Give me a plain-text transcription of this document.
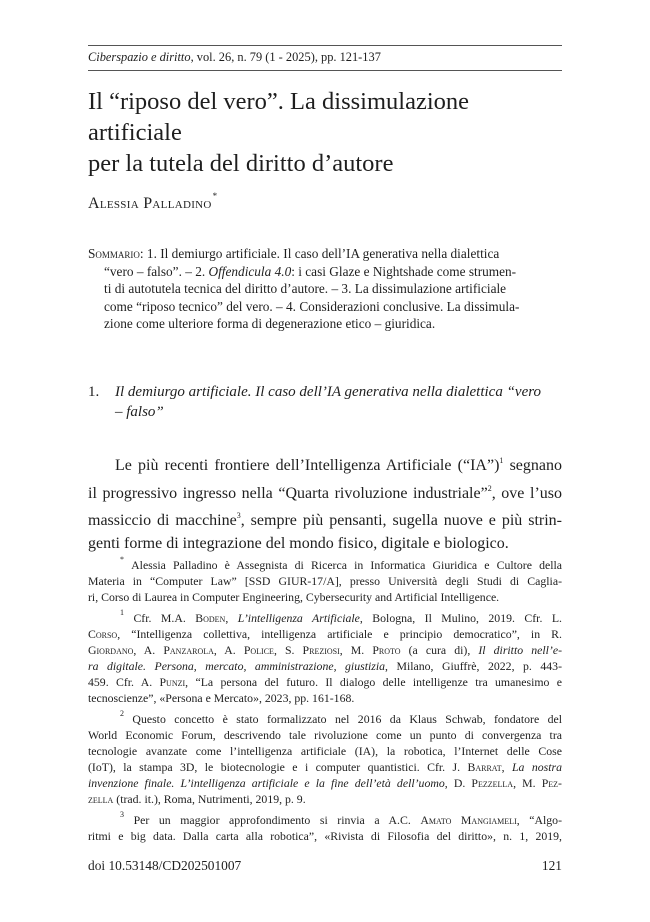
Ciberspazio e diritto, vol. 26, n. 79 (1 - 2025), pp. 121-137
Il “riposo del vero”. La dissimulazione artificiale
per la tutela del diritto d’autore
Alessia Palladino*
Sommario: 1. Il demiurgo artificiale. Il caso dell’IA generativa nella dialettica
“vero – falso”. – 2. Offendicula 4.0: i casi Glaze e Nightshade come strumen-
ti di autotutela tecnica del diritto d’autore. – 3. La dissimulazione artificiale
come “riposo tecnico” del vero. – 4. Considerazioni conclusive. La dissimula-
zione come ulteriore forma di degenerazione etico – giuridica.
1. Il demiurgo artificiale. Il caso dell’IA generativa nella dialettica “vero
– falso”
Le più recenti frontiere dell’Intelligenza Artificiale (“IA”)$^1$ segnano
il progressivo ingresso nella “Quarta rivoluzione industriale”$^2$, ove l’uso
massiccio di macchine$^3$, sempre più pensanti, sugella nuove e più strin-
genti forme di integrazione del mondo fisico, digitale e biologico.
* Alessia Palladino è Assegnista di Ricerca in Informatica Giuridica e Cultore della
Materia in “Computer Law” [SSD GIUR-17/A], presso Università degli Studi di Caglia-
ri, Corso di Laurea in Computer Engineering, Cybersecurity and Artificial Intelligence.
$^1$ Cfr. M.A. Boden, L’intelligenza Artificiale, Bologna, Il Mulino, 2019. Cfr. L.
Corso, “Intelligenza collettiva, intelligenza artificiale e principio democratico”, in R.
Giordano, A. Panzarola, A. Police, S. Preziosi, M. Proto (a cura di), Il diritto nell’e-
ra digitale. Persona, mercato, amministrazione, giustizia, Milano, Giuffrè, 2022, p. 443-
459. Cfr. A. Punzi, “La persona del futuro. Il dialogo delle intelligenze tra umanesimo e
tecnoscienze”, «Persona e Mercato», 2023, pp. 161-168.
$^2$ Questo concetto è stato formalizzato nel 2016 da Klaus Schwab, fondatore del
World Economic Forum, descrivendo tale rivoluzione come un punto di convergenza tra
tecnologie avanzate come l’intelligenza artificiale (IA), la robotica, l’Internet delle Cose
(IoT), la stampa 3D, le biotecnologie e i computer quantistici. Cfr. J. Barrat, La nostra
invenzione finale. L’intelligenza artificiale e la fine dell’età dell’uomo, D. Pezzella, M. Pez-
zella (trad. it.), Roma, Nutrimenti, 2019, p. 9.
$^3$ Per un maggior approfondimento si rinvia a A.C. Amato Mangiameli, “Algo-
ritmi e big data. Dalla carta alla robotica”, «Rivista di Filosofia del diritto», n. 1, 2019,
doi 10.53148/CD202501007	121
